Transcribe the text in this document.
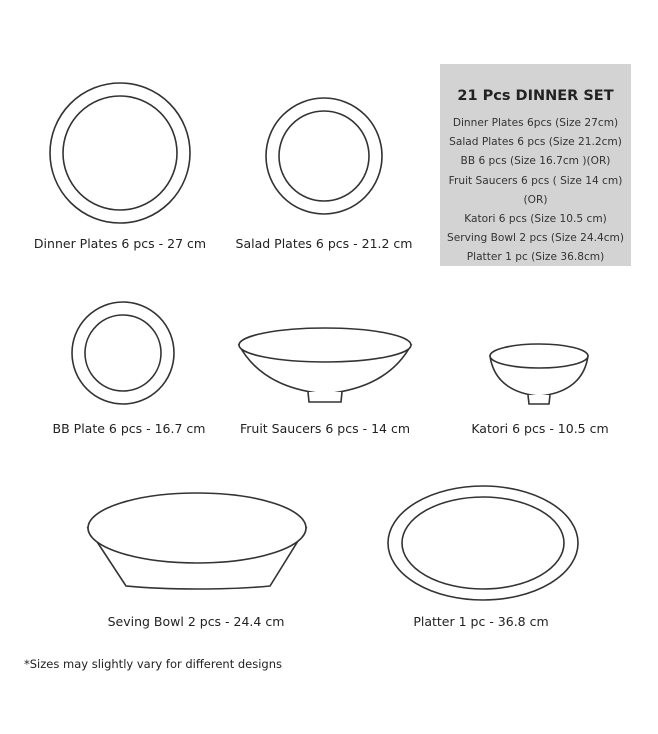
Dinner Plates 6 pcs - 27 cm Salad Plates 6 pcs - 21.2 cm
21 Pcs DINNER SET
Dinner Plates 6pcs (Size 27cm)
Salad Plates 6 pcs (Size 21.2cm)
BB 6 pcs (Size 16.7cm )(OR)
Fruit Saucers 6 pcs ( Size 14 cm)(OR)
Katori 6 pcs (Size 10.5 cm)
Serving Bowl 2 pcs (Size 24.4cm)
Platter 1 pc (Size 36.8cm)
BB Plate 6 pcs - 16.7 cm	Fruit Saucers 6 pcs - 14 cm	Katori 6 pcs - 10.5 cm
Seving Bowl 2 pcs - 24.4 cm	Platter 1 pc - 36.8 cm
*Sizes may slightly vary for different designs
